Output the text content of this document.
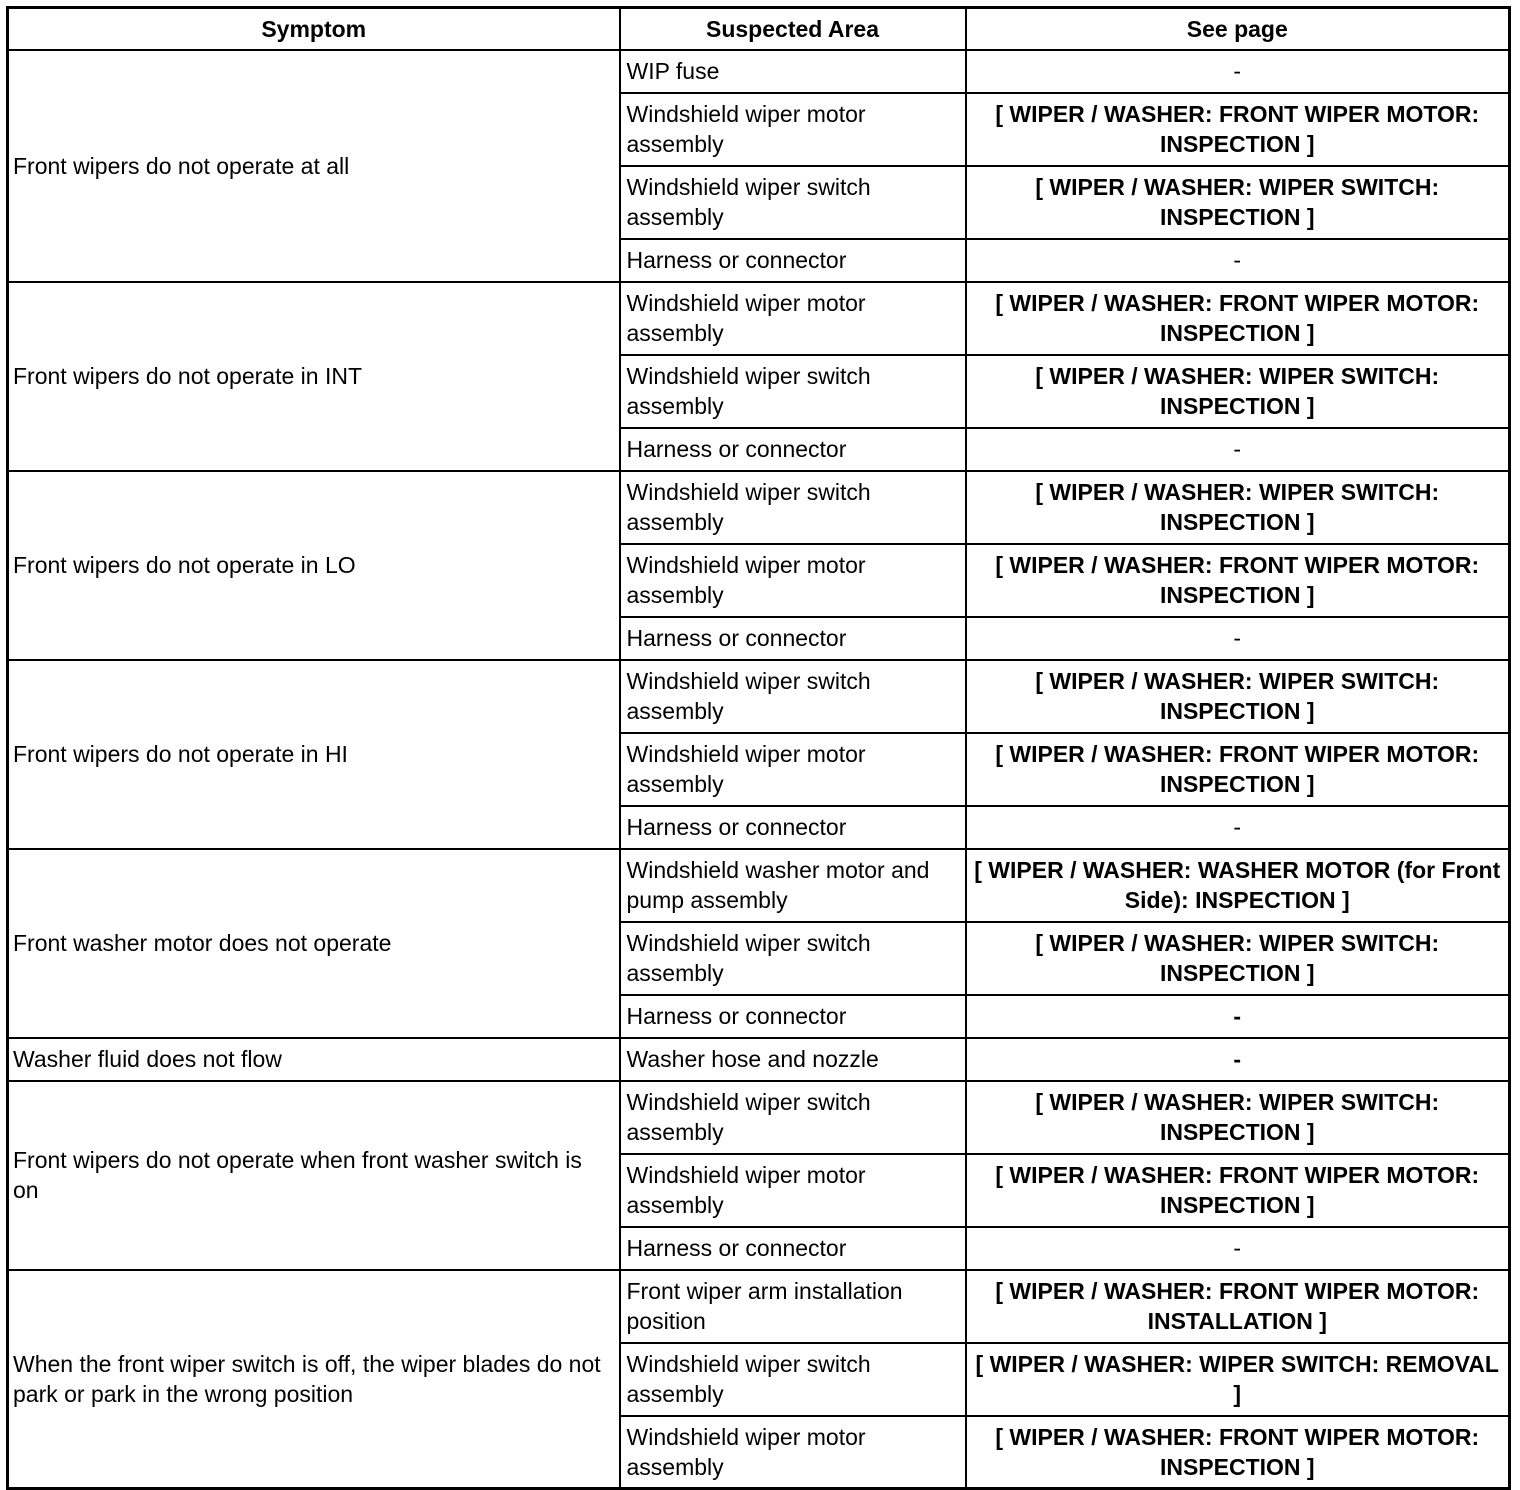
Symptom	Suspected Area	See page
Front wipers do not operate at all	WIP fuse	-
	Windshield wiper motor assembly	[ WIPER / WASHER: FRONT WIPER MOTOR: INSPECTION ]
	Windshield wiper switch assembly	[ WIPER / WASHER: WIPER SWITCH: INSPECTION ]
	Harness or connector	-
Front wipers do not operate in INT	Windshield wiper motor assembly	[ WIPER / WASHER: FRONT WIPER MOTOR: INSPECTION ]
	Windshield wiper switch assembly	[ WIPER / WASHER: WIPER SWITCH: INSPECTION ]
	Harness or connector	-
Front wipers do not operate in LO	Windshield wiper switch assembly	[ WIPER / WASHER: WIPER SWITCH: INSPECTION ]
	Windshield wiper motor assembly	[ WIPER / WASHER: FRONT WIPER MOTOR: INSPECTION ]
	Harness or connector	-
Front wipers do not operate in HI	Windshield wiper switch assembly	[ WIPER / WASHER: WIPER SWITCH: INSPECTION ]
	Windshield wiper motor assembly	[ WIPER / WASHER: FRONT WIPER MOTOR: INSPECTION ]
	Harness or connector	-
Front washer motor does not operate	Windshield washer motor and pump assembly	[ WIPER / WASHER: WASHER MOTOR (for Front Side): INSPECTION ]
	Windshield wiper switch assembly	[ WIPER / WASHER: WIPER SWITCH: INSPECTION ]
	Harness or connector	-
Washer fluid does not flow	Washer hose and nozzle	-
Front wipers do not operate when front washer switch is on	Windshield wiper switch assembly	[ WIPER / WASHER: WIPER SWITCH: INSPECTION ]
	Windshield wiper motor assembly	[ WIPER / WASHER: FRONT WIPER MOTOR: INSPECTION ]
	Harness or connector	-
When the front wiper switch is off, the wiper blades do not park or park in the wrong position	Front wiper arm installation position	[ WIPER / WASHER: FRONT WIPER MOTOR: INSTALLATION ]
	Windshield wiper switch assembly	[ WIPER / WASHER: WIPER SWITCH: REMOVAL ]
	Windshield wiper motor assembly	[ WIPER / WASHER: FRONT WIPER MOTOR: INSPECTION ]
